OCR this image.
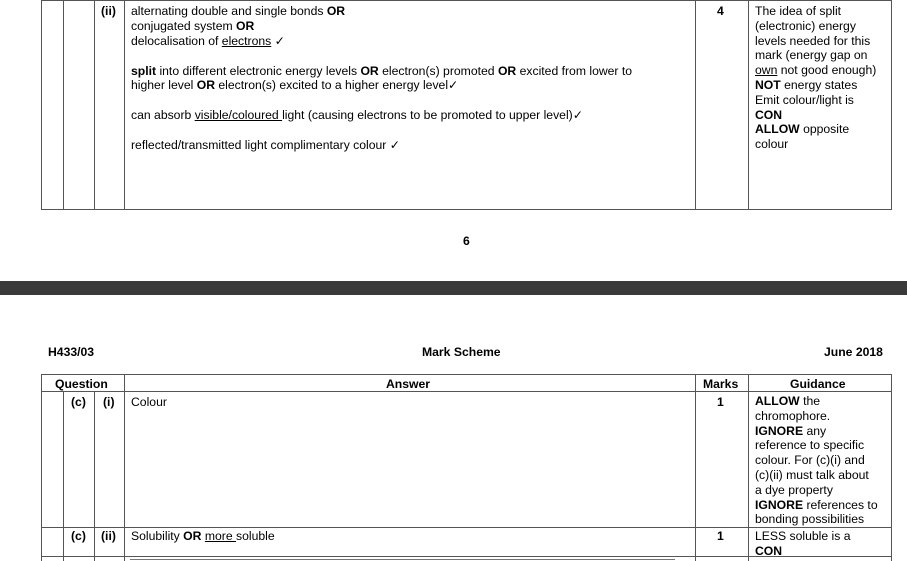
(ii) alternating double and single bonds OR
conjugated system OR
delocalisation of electrons ✓
split into different electronic energy levels OR electron(s) promoted OR excited from lower to
higher level OR electron(s) excited to a higher energy level✓
can absorb visible/coloured light (causing electrons to be promoted to upper level)✓
reflected/transmitted light complimentary colour ✓
4	The idea of split
(electronic) energy
levels needed for this
mark (energy gap on
own not good enough)
NOT energy states
Emit colour/light is
CON
ALLOW opposite
colour
6
H433/03	Mark Scheme	June 2018
Question	Answer	Marks	Guidance
(c) (i) Colour	1	ALLOW the
chromophore.
IGNORE any
reference to specific
colour. For (c)(i) and
(c)(ii) must talk about
a dye property
IGNORE references to
bonding possibilities
(c) (ii) Solubility OR more soluble	1	LESS soluble is a
CON
